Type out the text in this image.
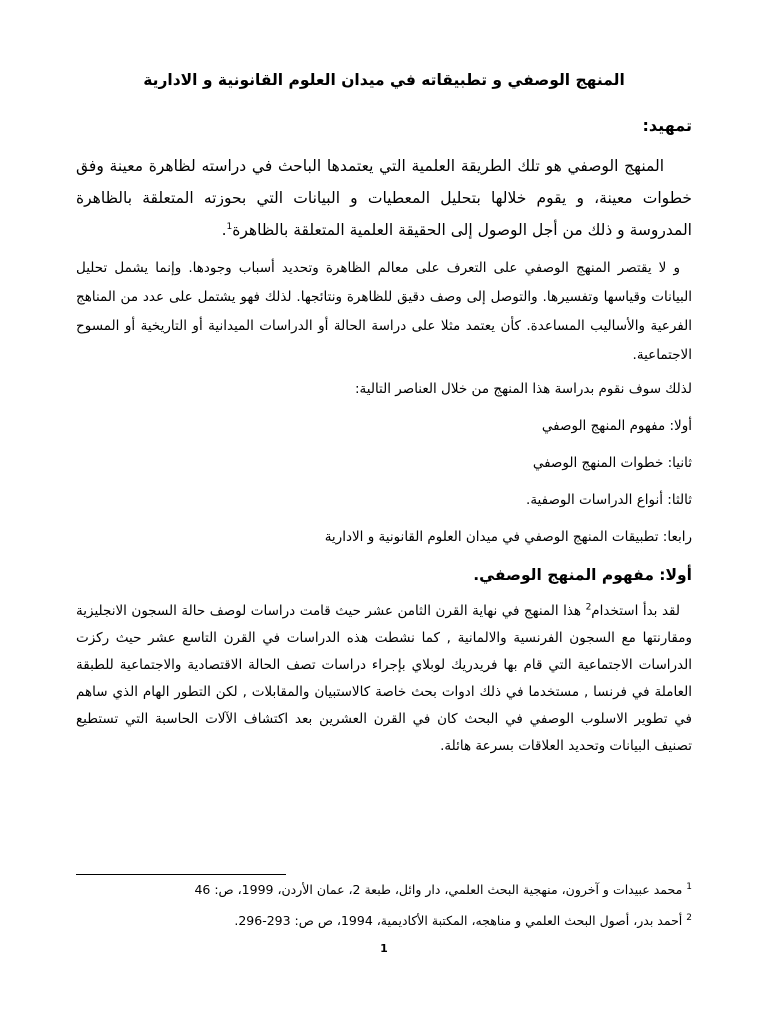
المنهج الوصفي و تطبيقاته في ميدان العلوم القانونية و الادارية
تمهيد:

المنهج الوصفي هو تلك الطريقة العلمية التي يعتمدها الباحث في دراسته لظاهرة معينة وفق خطوات معينة، و يقوم خلالها بتحليل المعطيات و البيانات التي بحوزته المتعلقة بالظاهرة المدروسة و ذلك من أجل الوصول إلى الحقيقة العلمية المتعلقة بالظاهرة$^1$.

و لا يقتصر المنهج الوصفي على التعرف على معالم الظاهرة وتحديد أسباب وجودها. وإنما يشمل تحليل البيانات وقياسها وتفسيرها. والتوصل إلى وصف دقيق للظاهرة ونتائجها. لذلك فهو يشتمل على عدد من المناهج الفرعية والأساليب المساعدة. كأن يعتمد مثلا على دراسة الحالة أو الدراسات الميدانية أو التاريخية أو المسوح الاجتماعية.

لذلك سوف نقوم بدراسة هذا المنهج من خلال العناصر التالية:
أولا: مفهوم المنهج الوصفي
ثانيا: خطوات المنهج الوصفي
ثالثا: أنواع الدراسات الوصفية.
رابعا: تطبيقات المنهج الوصفي في ميدان العلوم القانونية و الادارية
أولا: مفهوم المنهج الوصفي.

لقد بدأ استخدام$^2$ هذا المنهج في نهاية القرن الثامن عشر حيث قامت دراسات لوصف حالة السجون الانجليزية ومقارنتها مع السجون الفرنسية والالمانية , كما نشطت هذه الدراسات في القرن التاسع عشر حيث ركزت الدراسات الاجتماعية التي قام بها فريدريك لوبلاي بإجراء دراسات تصف الحالة الاقتصادية والاجتماعية للطبقة العاملة في فرنسا , مستخدما في ذلك ادوات بحث خاصة كالاستبيان والمقابلات , لكن التطور الهام الذي ساهم في تطوير الاسلوب الوصفي في البحث كان في القرن العشرين بعد اكتشاف الآلات الحاسبة التي تستطيع تصنيف البيانات وتحديد العلاقات بسرعة هائلة.

$^1$ محمد عبيدات و آخرون، منهجية البحث العلمي، دار وائل، طبعة 2، عمان الأردن، 1999، ص: 46
$^2$ أحمد بدر، أصول البحث العلمي و مناهجه، المكتبة الأكاديمية، 1994، ص ص: 293-296.
1
